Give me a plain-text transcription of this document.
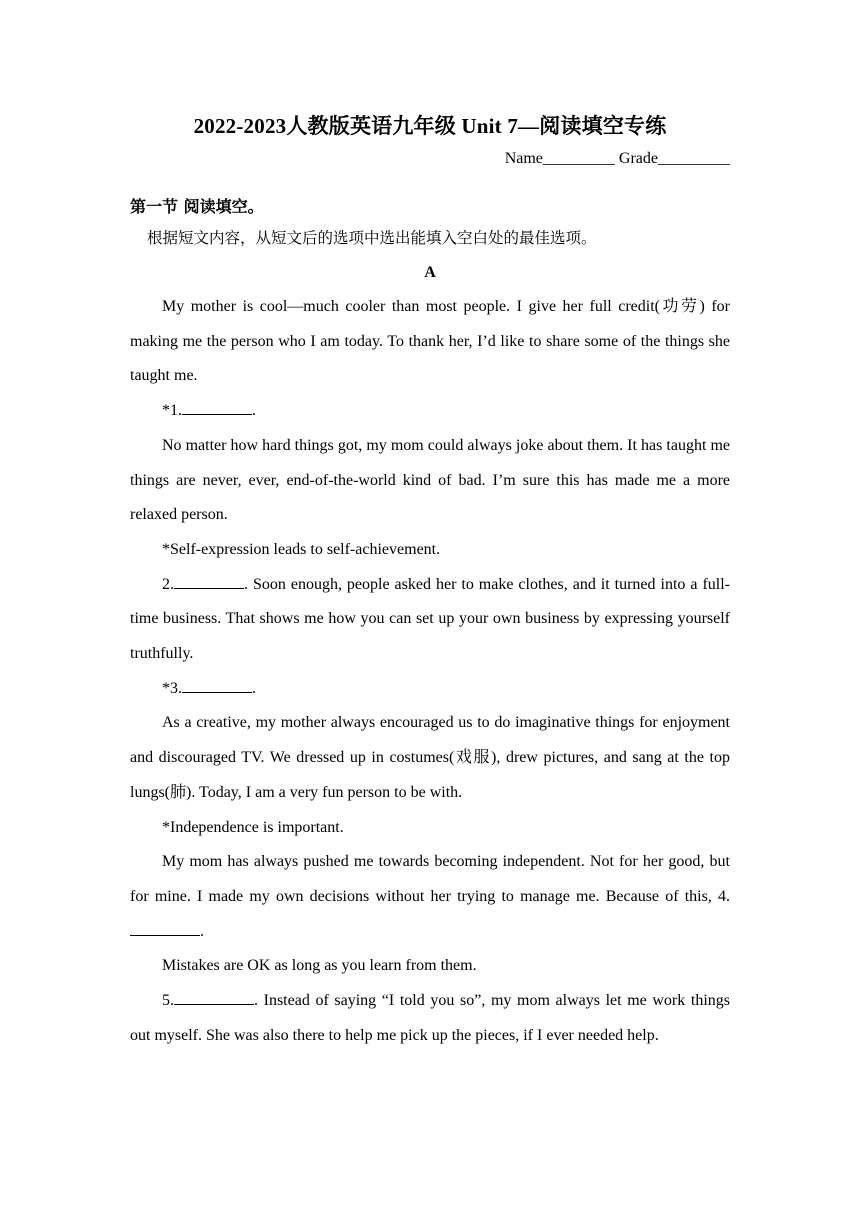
2022-2023人教版英语九年级 Unit 7—阅读填空专练
Name_________ Grade_________
第一节 阅读填空。
根据短文内容，从短文后的选项中选出能填入空白处的最佳选项。
A

My mother is cool—much cooler than most people. I give her full credit(功劳) for making me the person who I am today. To thank her, I’d like to share some of the things she taught me.

*1.	.

No matter how hard things got, my mom could always joke about them. It has taught me things are never, ever, end-of-the-world kind of bad. I’m sure this has made me a more relaxed person.

*Self-expression leads to self-achievement.

2.	. Soon enough, people asked her to make clothes, and it turned into a full-time business. That shows me how you can set up your own business by expressing yourself truthfully.

*3.	.

As a creative, my mother always encouraged us to do imaginative things for enjoyment and discouraged TV. We dressed up in costumes(戏服), drew pictures, and sang at the top lungs(肺). Today, I am a very fun person to be with.

*Independence is important.

My mom has always pushed me towards becoming independent. Not for her good, but for mine. I made my own decisions without her trying to manage me. Because of this, 4..

Mistakes are OK as long as you learn from them.

5.	. Instead of saying “I told you so”, my mom always let me work things out myself. She was also there to help me pick up the pieces, if I ever needed help.
